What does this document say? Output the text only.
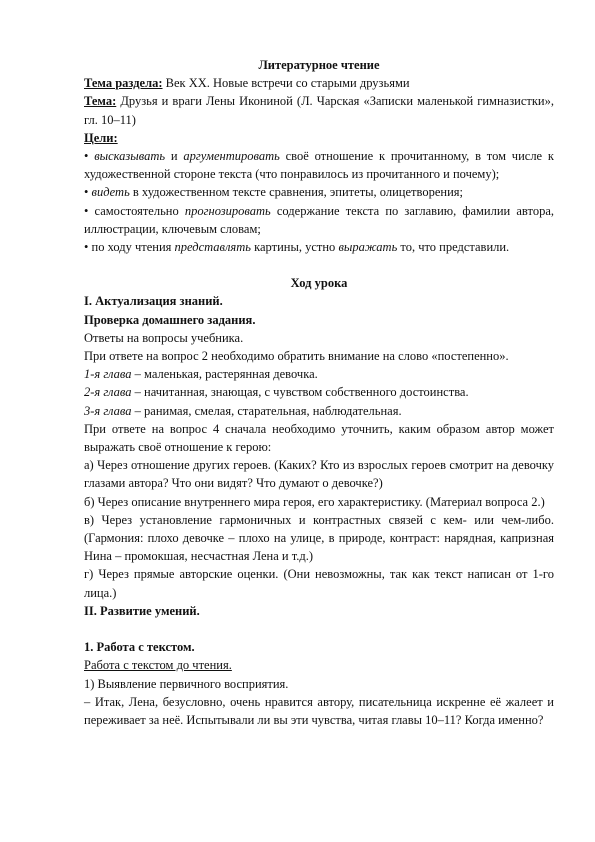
Литературное чтение

Тема раздела: Век XX. Новые встречи со старыми друзьями

Тема: Друзья и враги Лены Икониной (Л. Чарская «Записки маленькой гимназистки», гл. 10–11)

Цели:

• высказывать и аргументировать своё отношение к прочитанному, в том числе к художественной стороне текста (что понравилось из прочитанного и почему);

• видеть в художественном тексте сравнения, эпитеты, олицетворения;

• самостоятельно прогнозировать содержание текста по заглавию, фамилии автора, иллюстрации, ключевым словам;

• по ходу чтения представлять картины, устно выражать то, что представили.

Ход урока

I. Актуализация знаний.

Проверка домашнего задания.

Ответы на вопросы учебника.

При ответе на вопрос 2 необходимо обратить внимание на слово «постепенно».

1-я глава – маленькая, растерянная девочка.

2-я глава – начитанная, знающая, с чувством собственного достоинства.

3-я глава – ранимая, смелая, старательная, наблюдательная.

При ответе на вопрос 4 сначала необходимо уточнить, каким образом автор может выражать своё отношение к герою:

а) Через отношение других героев. (Каких? Кто из взрослых героев смотрит на девочку глазами автора? Что они видят? Что думают о девочке?)

б) Через описание внутреннего мира героя, его характеристику. (Материал вопроса 2.)

в) Через установление гармоничных и контрастных связей с кем- или чем-либо. (Гармония: плохо девочке – плохо на улице, в природе, контраст: нарядная, капризная Нина – промокшая, несчастная Лена и т.д.)

г) Через прямые авторские оценки. (Они невозможны, так как текст написан от 1-го лица.)

II. Развитие умений.

1. Работа с текстом.

Работа с текстом до чтения.

1) Выявление первичного восприятия.

– Итак, Лена, безусловно, очень нравится автору, писательница искренне её жалеет и переживает за неё. Испытывали ли вы эти чувства, читая главы 10–11? Когда именно?
